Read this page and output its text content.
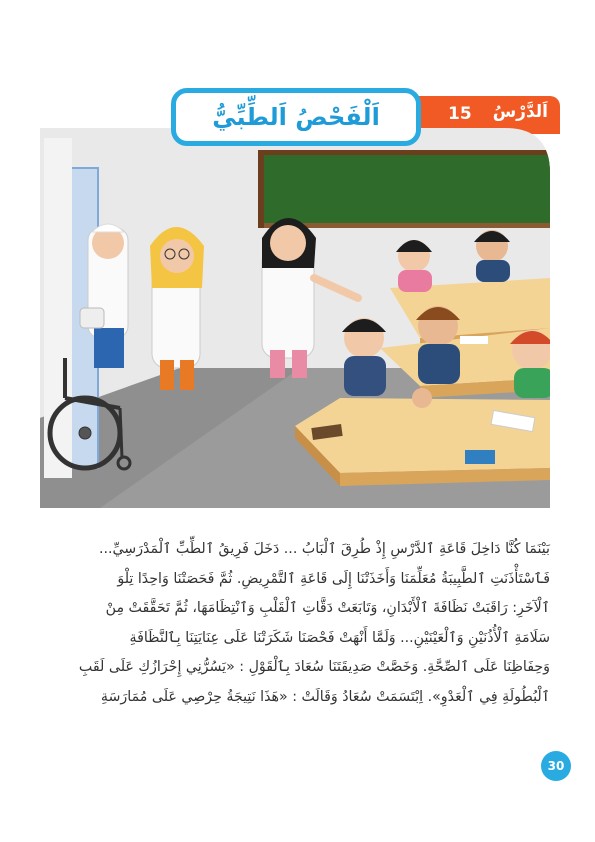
15 اَلدَّرْسُ
اَلْفَحْصُ اَلطِّبِّيُّ

بَيْنَمَا كُنَّا دَاخِلَ قَاعَةِ ٱلدَّرْسِ إِذْ طُرِقَ ٱلْبَابُ ... دَخَلَ فَرِيقُ ٱلطِّبِّ ٱلْمَدْرَسِيِّ...

فَٱسْتَأْذَنَتِ ٱلطَّبِيبَةُ مُعَلِّمَنَا وَأَخَذَتْنَا إِلَى قَاعَةِ ٱلتَّمْرِيضِ. ثُمَّ فَحَصَتْنَا وَاحِدًا تِلْوَ

ٱلْآخَرِ: رَاقَبَتْ نَظَافَةَ ٱلْأَبْدَانِ، وَتَابَعَتْ دَقَّاتِ ٱلْقَلْبِ وَٱنْتِظَامَهَا، ثُمَّ تَحَقَّقَتْ مِنْ

سَلَامَةِ ٱلْأُذُنَيْنِ وَٱلْعَيْنَيْنِ... وَلَمَّا أَنْهَتْ فَحْصَنَا شَكَرَتْنَا عَلَى عِنَايَتِنَا بِٱلنَّظَافَةِ

وَحِفَاظِنَا عَلَى ٱلصِّحَّةِ. وَخَصَّتْ صَدِيقَتَنَا سُعَادَ بِٱلْقَوْلِ : «يَسُرُّنِي إِحْرَازُكِ عَلَى لَقَبِ

ٱلْبُطُولَةِ فِي ٱلْعَدْوِ». اِبْتَسَمَتْ سُعَادُ وَقَالَتْ : «هَذَا نَتِيجَةُ حِرْصِي عَلَى مُمَارَسَةِ

30
